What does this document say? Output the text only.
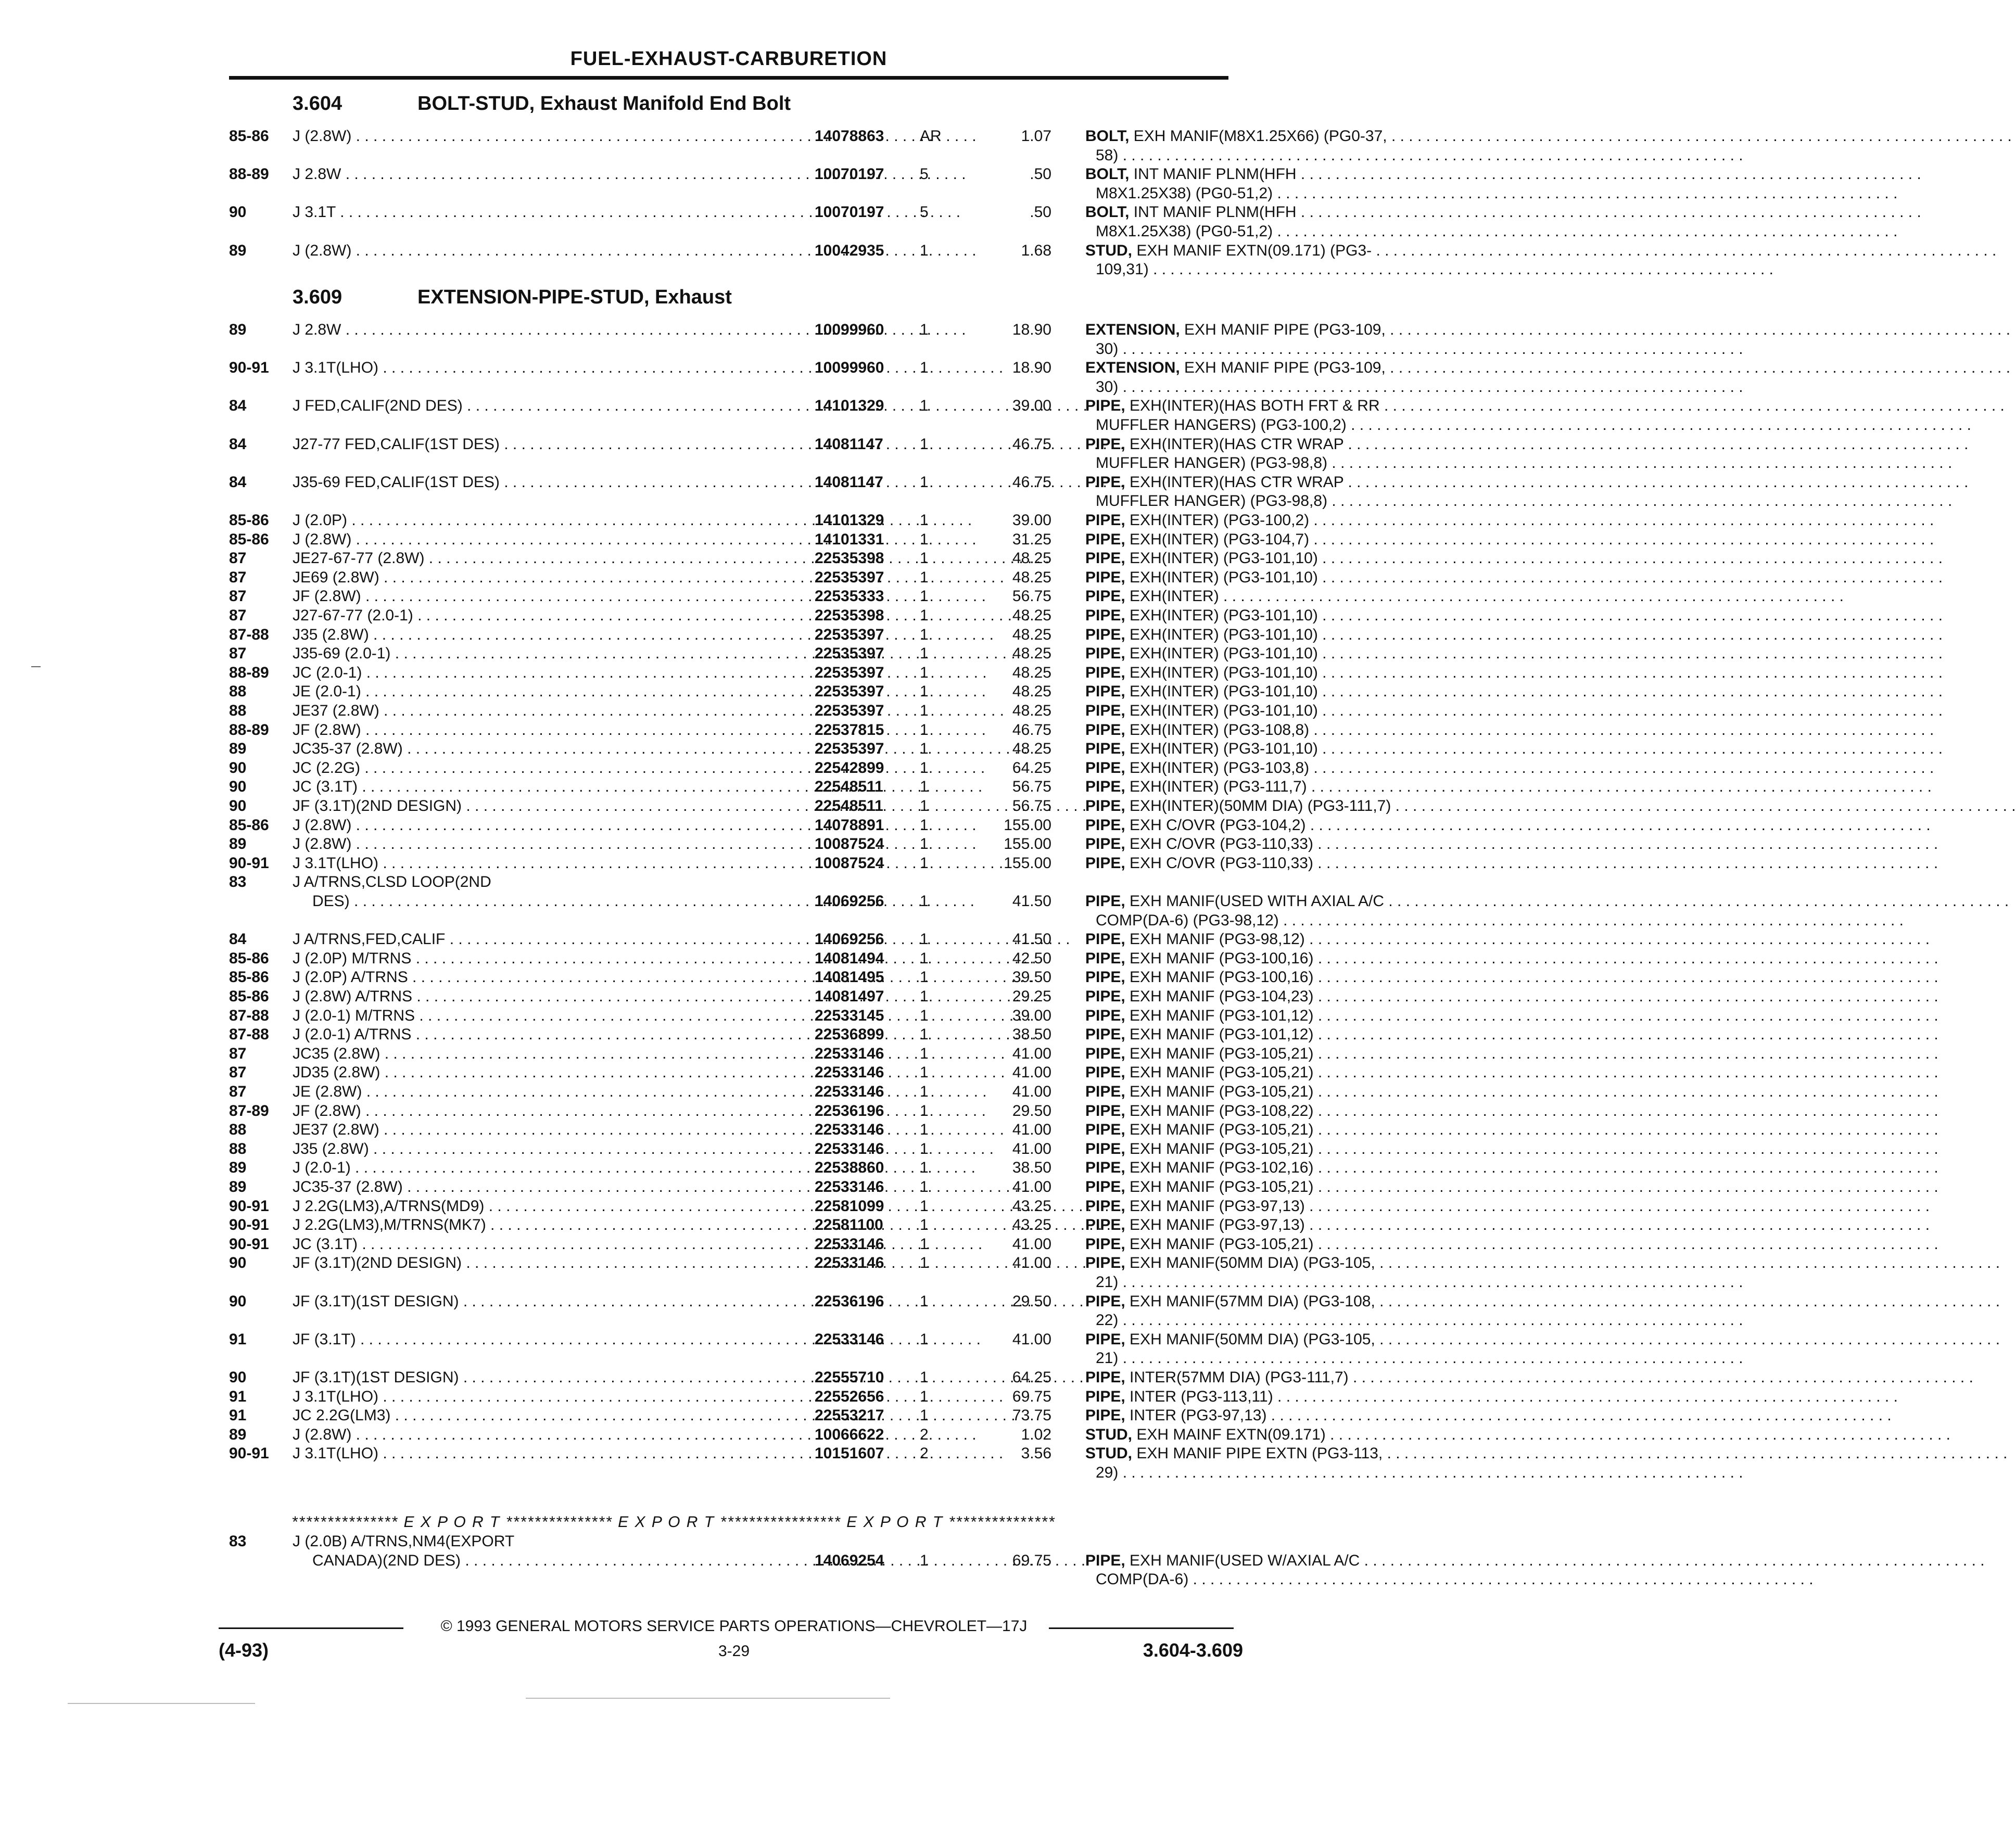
FUEL-EXHAUST-CARBURETION
3.604	BOLT-STUD, Exhaust Manifold End Bolt
3.609	EXTENSION-PIPE-STUD, Exhaust
85-86 J (2.8W) . . .	14078863 AR	1.07 BOLT, EXH MANIF(M8X1.25X66) (PG0-37, . . .
58) . . .
88-89 J 2.8W . . .	10070197 5	.50 BOLT, INT MANIF PLNM(HFH . . .
M8X1.25X38) (PG0-51,2) . . .
90	J 3.1T . . .	10070197 5	.50 BOLT, INT MANIF PLNM(HFH . . .
M8X1.25X38) (PG0-51,2) . . .
89	J (2.8W) . . .	10042935 1	1.68 STUD, EXH MANIF EXTN(09.171) (PG3- . . .
109,31) . . .
89	J 2.8W . . .	10099960 1	18.90 EXTENSION, EXH MANIF PIPE (PG3-109, . . .
30) . . .
90-91 J 3.1T(LHO) . . .	10099960 1	18.90 EXTENSION, EXH MANIF PIPE (PG3-109, . . .
30) . . .
84	J FED,CALIF(2ND DES) . . .	14101329 1	39.00 PIPE, EXH(INTER)(HAS BOTH FRT & RR . . .
MUFFLER HANGERS) (PG3-100,2) . . .
84	J27-77 FED,CALIF(1ST DES) . . .	14081147 1	46.75 PIPE, EXH(INTER)(HAS CTR WRAP . . .
MUFFLER HANGER) (PG3-98,8) . . .
84	J35-69 FED,CALIF(1ST DES) . . .	14081147 1	46.75 PIPE, EXH(INTER)(HAS CTR WRAP . . .
MUFFLER HANGER) (PG3-98,8) . . .
85-86 J (2.0P) . . .	14101329 1	39.00 PIPE, EXH(INTER) (PG3-100,2) . . .
85-86 J (2.8W) . . .	14101331 1	31.25 PIPE, EXH(INTER) (PG3-104,7) . . .
87	JE27-67-77 (2.8W) . . .	22535398 1	48.25 PIPE, EXH(INTER) (PG3-101,10) . . .
87	JE69 (2.8W) . . .	22535397 1	48.25 PIPE, EXH(INTER) (PG3-101,10) . . .
87	JF (2.8W) . . .	22535333 1	56.75 PIPE, EXH(INTER) . . .
87	J27-67-77 (2.0-1) . . .	22535398 1	48.25 PIPE, EXH(INTER) (PG3-101,10) . . .
87-88 J35 (2.8W) . . .	22535397 1	48.25 PIPE, EXH(INTER) (PG3-101,10) . . .
87	J35-69 (2.0-1) . . .	22535397 1	48.25 PIPE, EXH(INTER) (PG3-101,10) . . .
88-89 JC (2.0-1) . . .	22535397 1	48.25 PIPE, EXH(INTER) (PG3-101,10) . . .
88	JE (2.0-1) . . .	22535397 1	48.25 PIPE, EXH(INTER) (PG3-101,10) . . .
88	JE37 (2.8W) . . .	22535397 1	48.25 PIPE, EXH(INTER) (PG3-101,10) . . .
88-89 JF (2.8W) . . .	22537815 1	46.75 PIPE, EXH(INTER) (PG3-108,8) . . .
89	JC35-37 (2.8W) . . .	22535397 1	48.25 PIPE, EXH(INTER) (PG3-101,10) . . .
90	JC (2.2G) . . .	22542899 1	64.25 PIPE, EXH(INTER) (PG3-103,8) . . .
90	JC (3.1T) . . .	22548511 1	56.75 PIPE, EXH(INTER) (PG3-111,7) . . .
90	JF (3.1T)(2ND DESIGN) . . .	22548511 1	56.75 PIPE, EXH(INTER)(50MM DIA) (PG3-111,7) . . .
85-86 J (2.8W) . . .	14078891 1	155.00 PIPE, EXH C/OVR (PG3-104,2) . . .
89	J (2.8W) . . .	10087524 1	155.00 PIPE, EXH C/OVR (PG3-110,33) . . .
90-91 J 3.1T(LHO) . . .	10087524 1	155.00 PIPE, EXH C/OVR (PG3-110,33) . . .
83	J A/TRNS,CLSD LOOP(2ND
DES) . . .	14069256 1	41.50 PIPE, EXH MANIF(USED WITH AXIAL A/C . . .
COMP(DA-6) (PG3-98,12) . . .
84	J A/TRNS,FED,CALIF . . .	14069256 1	41.50 PIPE, EXH MANIF (PG3-98,12) . . .
85-86 J (2.0P) M/TRNS . . .	14081494 1	42.50 PIPE, EXH MANIF (PG3-100,16) . . .
85-86 J (2.0P) A/TRNS . . .	14081495 1	39.50 PIPE, EXH MANIF (PG3-100,16) . . .
85-86 J (2.8W) A/TRNS . . .	14081497 1	29.25 PIPE, EXH MANIF (PG3-104,23) . . .
87-88 J (2.0-1) M/TRNS . . .	22533145 1	39.00 PIPE, EXH MANIF (PG3-101,12) . . .
87-88 J (2.0-1) A/TRNS . . .	22536899 1	38.50 PIPE, EXH MANIF (PG3-101,12) . . .
87	JC35 (2.8W) . . .	22533146 1	41.00 PIPE, EXH MANIF (PG3-105,21) . . .
87	JD35 (2.8W) . . .	22533146 1	41.00 PIPE, EXH MANIF (PG3-105,21) . . .
87	JE (2.8W) . . .	22533146 1	41.00 PIPE, EXH MANIF (PG3-105,21) . . .
87-89 JF (2.8W) . . .	22536196 1	29.50 PIPE, EXH MANIF (PG3-108,22) . . .
88	JE37 (2.8W) . . .	22533146 1	41.00 PIPE, EXH MANIF (PG3-105,21) . . .
88	J35 (2.8W) . . .	22533146 1	41.00 PIPE, EXH MANIF (PG3-105,21) . . .
89	J (2.0-1) . . .	22538860 1	38.50 PIPE, EXH MANIF (PG3-102,16) . . .
89	JC35-37 (2.8W) . . .	22533146 1	41.00 PIPE, EXH MANIF (PG3-105,21) . . .
90-91 J 2.2G(LM3),A/TRNS(MD9) . . .	22581099 1	43.25 PIPE, EXH MANIF (PG3-97,13) . . .
90-91 J 2.2G(LM3),M/TRNS(MK7) . . .	22581100 1	43.25 PIPE, EXH MANIF (PG3-97,13) . . .
90-91 JC (3.1T) . . .	22533146 1	41.00 PIPE, EXH MANIF (PG3-105,21) . . .
90	JF (3.1T)(2ND DESIGN) . . .	22533146 1	41.00 PIPE, EXH MANIF(50MM DIA) (PG3-105, . . .
21) . . .
90	JF (3.1T)(1ST DESIGN) . . .	22536196 1	29.50 PIPE, EXH MANIF(57MM DIA) (PG3-108, . . .
22) . . .
91	JF (3.1T) . . .	22533146 1	41.00 PIPE, EXH MANIF(50MM DIA) (PG3-105, . . .
21) . . .
90	JF (3.1T)(1ST DESIGN) . . .	22555710 1	64.25 PIPE, INTER(57MM DIA) (PG3-111,7) . . .
91	J 3.1T(LHO) . . .	22552656 1	69.75 PIPE, INTER (PG3-113,11) . . .
91	JC 2.2G(LM3) . . .	22553217 1	73.75 PIPE, INTER (PG3-97,13) . . .
89	J (2.8W) . . .	10066622 2	1.02 STUD, EXH MAINF EXTN(09.171) . . .
90-91 J 3.1T(LHO) . . .	10151607 2	3.56 STUD, EXH MANIF PIPE EXTN (PG3-113, . . .
29) . . .
*************** E X P O R T *************** E X P O R T ***************** E X P O R T ***************
83	J (2.0B) A/TRNS,NM4(EXPORT
CANADA)(2ND DES) . . .	14069254 1	69.75 PIPE, EXH MANIF(USED W/AXIAL A/C . . .
COMP(DA-6) . . .
© 1993 GENERAL MOTORS SERVICE PARTS OPERATIONS—CHEVROLET—17J
(4-93)	3-29	3.604-3.609
